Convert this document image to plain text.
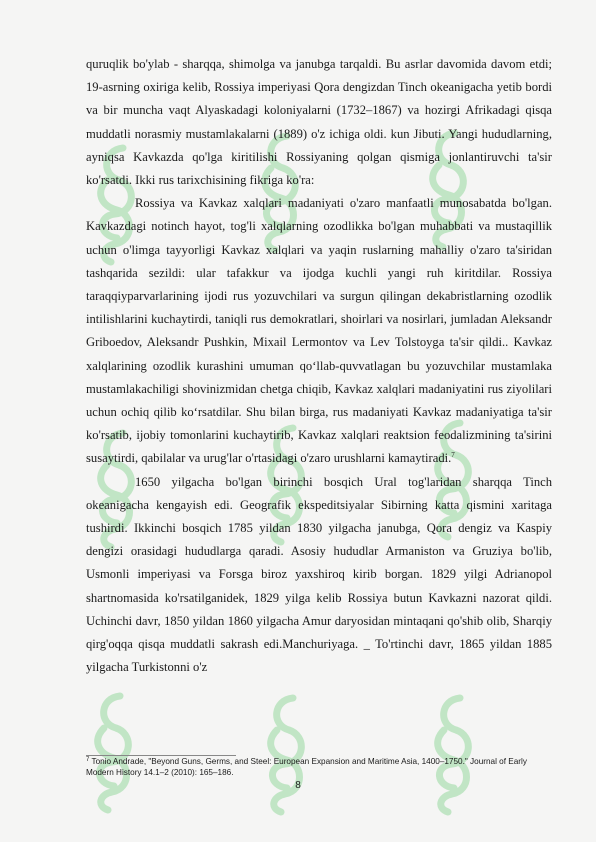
quruqlik bo'ylab - sharqqa, shimolga va janubga tarqaldi. Bu asrlar davomida davom etdi; 19-asrning oxiriga kelib, Rossiya imperiyasi Qora dengizdan Tinch okeanigacha yetib bordi va bir muncha vaqt Alyaskadagi koloniyalarni (1732–1867) va hozirgi Afrikadagi qisqa muddatli norasmiy mustamlakalarni (1889) o'z ichiga oldi. kun Jibuti. Yangi hududlarning, ayniqsa Kavkazda qo'lga kiritilishi Rossiyaning qolgan qismiga jonlantiruvchi ta'sir ko'rsatdi. Ikki rus tarixchisining fikriga ko'ra:

Rossiya va Kavkaz xalqlari madaniyati o'zaro manfaatli munosabatda bo'lgan. Kavkazdagi notinch hayot, tog'li xalqlarning ozodlikka bo'lgan muhabbati va mustaqillik uchun o'limga tayyorligi Kavkaz xalqlari va yaqin ruslarning mahalliy o'zaro ta'siridan tashqarida sezildi: ular tafakkur va ijodga kuchli yangi ruh kiritdilar. Rossiya taraqqiyparvarlarining ijodi rus yozuvchilari va surgun qilingan dekabristlarning ozodlik intilishlarini kuchaytirdi, taniqli rus demokratlari, shoirlari va nosirlari, jumladan Aleksandr Griboedov, Aleksandr Pushkin, Mixail Lermontov va Lev Tolstoyga ta'sir qildi.. Kavkaz xalqlarining ozodlik kurashini umuman qo‘llab-quvvatlagan bu yozuvchilar mustamlaka mustamlakachiligi shovinizmidan chetga chiqib, Kavkaz xalqlari madaniyatini rus ziyolilari uchun ochiq qilib ko‘rsatdilar. Shu bilan birga, rus madaniyati Kavkaz madaniyatiga ta'sir ko'rsatib, ijobiy tomonlarini kuchaytirib, Kavkaz xalqlari reaktsion feodalizmining ta'sirini susaytirdi, qabilalar va urug'lar o'rtasidagi o'zaro urushlarni kamaytiradi.$^7$

1650 yilgacha bo'lgan birinchi bosqich Ural tog'laridan sharqqa Tinch okeanigacha kengayish edi. Geografik ekspeditsiyalar Sibirning katta qismini xaritaga tushirdi. Ikkinchi bosqich 1785 yildan 1830 yilgacha janubga, Qora dengiz va Kaspiy dengizi orasidagi hududlarga qaradi. Asosiy hududlar Armaniston va Gruziya bo'lib, Usmonli imperiyasi va Forsga biroz yaxshiroq kirib borgan. 1829 yilgi Adrianopol shartnomasida ko'rsatilganidek, 1829 yilga kelib Rossiya butun Kavkazni nazorat qildi. Uchinchi davr, 1850 yildan 1860 yilgacha Amur daryosidan mintaqani qo'shib olib, Sharqiy qirg'oqqa qisqa muddatli sakrash edi.Manchuriyaga. _ To'rtinchi davr, 1865 yildan 1885 yilgacha Turkistonni o'z

$^7$ Tonio Andrade, "Beyond Guns, Germs, and Steel: European Expansion and Maritime Asia, 1400–1750." Journal of Early Modern History 14.1–2 (2010): 165–186.
8
